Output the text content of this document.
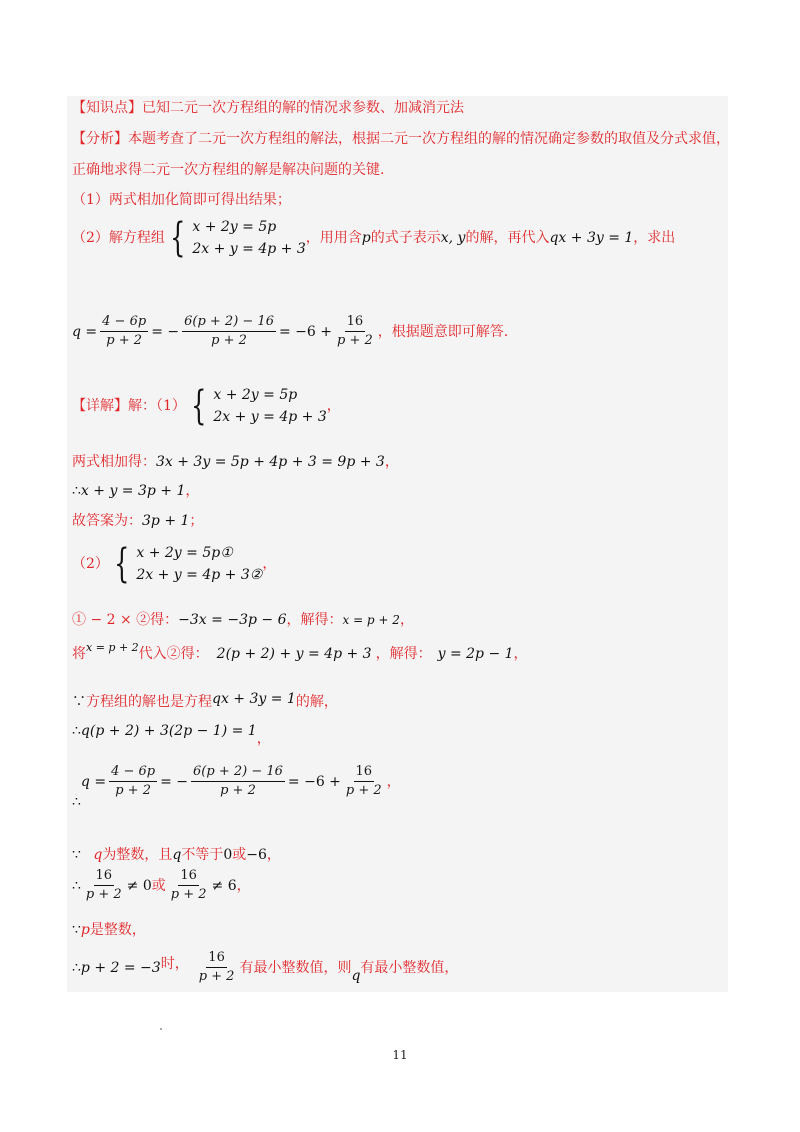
【知识点】已知二元一次方程组的解的情况求参数、加减消元法
【分析】本题考查了二元一次方程组的解法，根据二元一次方程组的解的情况确定参数的取值及分式求值，
正确地求得二元一次方程组的解是解决问题的关键.
（1）两式相加化简即可得出结果；
（2）解方程组 { x + 2y = 5p
2x + y = 4p + 3
，用用含 p 的式子表示 x, y 的解，再代入 qx + 3y = 1 ，求出
$q = \frac{4 - 6p}{p + 2}$ = − $\frac{6(p + 2) - 16}{p + 2} = -6 + \frac{16}{p + 2}$ ，根据题意即可解答.
【详解】 解：（1） { x + 2y = 5p
2x + y = 4p + 3
，
两式相加得：3x + 3y = 5p + 4p + 3 = 9p + 3，
∴x + y = 3p + 1，
故答案为：3p + 1；
（2） { x + 2y = 5p①
2x + y = 4p + 3②
，
① − 2 × ②得：−3x = −3p − 6，解得：x = p + 2，
将 x = p + 2 代入②得： 2(p + 2) + y = 4p + 3 ，解得： y = 2p − 1 ，
∵方程组的解也是方程qx + 3y = 1的解，
∴q(p + 2) + 3(2p − 1) = 1，
∴
$q = \frac{4 - 6p}{p + 2}$ = − $\frac{6(p + 2) - 16}{p + 2} = -6 + \frac{16}{p + 2}$ ，
∵ q为整数，且q不等于0或−6，
∴ $\frac{16}{p + 2} \ne 0$ 或 $\frac{16}{p + 2} \ne 6$ ，
∵p是整数，
∴ p + 2 = −3 时， $\frac{16}{p + 2}$ 有最小整数值，则 q 有最小整数值，
11
